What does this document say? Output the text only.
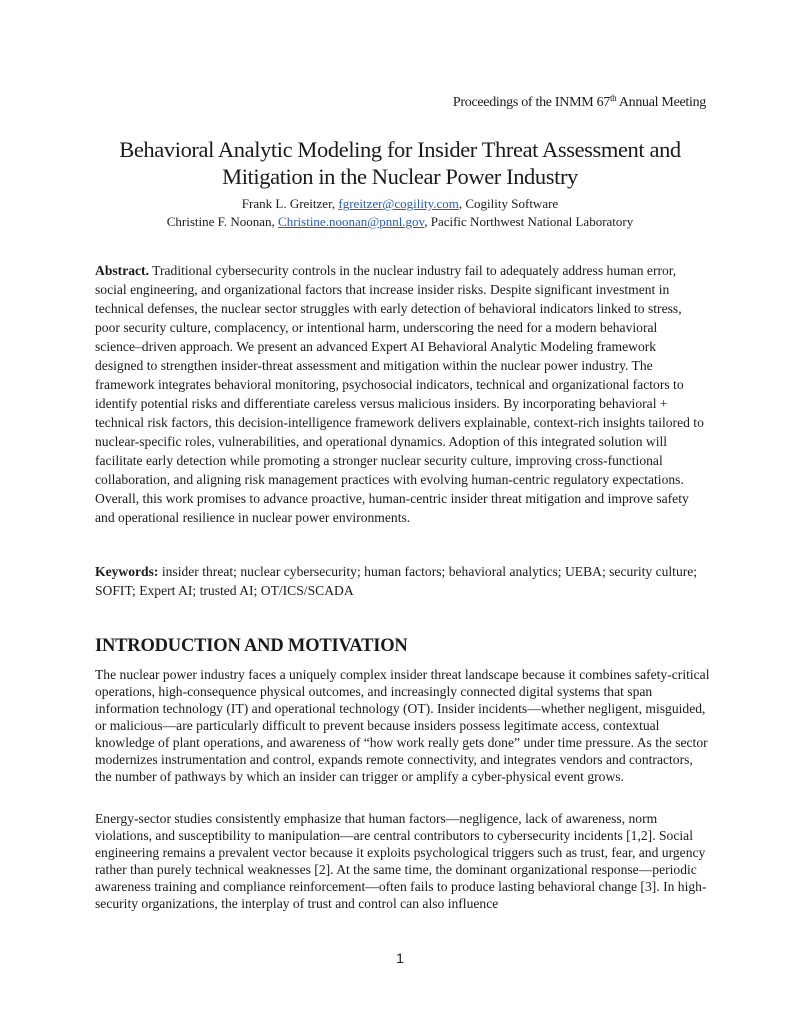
Proceedings of the INMM 67th Annual Meeting
Behavioral Analytic Modeling for Insider Threat Assessment and
Mitigation in the Nuclear Power Industry
Frank L. Greitzer, fgreitzer@cogility.com, Cogility Software
Christine F. Noonan, Christine.noonan@pnnl.gov, Pacific Northwest National Laboratory

Abstract. Traditional cybersecurity controls in the nuclear industry fail to adequately address human error, social engineering, and organizational factors that increase insider risks. Despite significant investment in technical defenses, the nuclear sector struggles with early detection of behavioral indicators linked to stress, poor security culture, complacency, or intentional harm, underscoring the need for a modern behavioral science–driven approach. We present an advanced Expert AI Behavioral Analytic Modeling framework designed to strengthen insider-threat assessment and mitigation within the nuclear power industry. The framework integrates behavioral monitoring, psychosocial indicators, technical and organizational factors to identify potential risks and differentiate careless versus malicious insiders. By incorporating behavioral + technical risk factors, this decision-intelligence framework delivers explainable, context-rich insights tailored to nuclear-specific roles, vulnerabilities, and operational dynamics. Adoption of this integrated solution will facilitate early detection while promoting a stronger nuclear security culture, improving cross-functional collaboration, and aligning risk management practices with evolving human-centric regulatory expectations. Overall, this work promises to advance proactive, human-centric insider threat mitigation and improve safety and operational resilience in nuclear power environments.

Keywords: insider threat; nuclear cybersecurity; human factors; behavioral analytics; UEBA; security culture; SOFIT; Expert AI; trusted AI; OT/ICS/SCADA

INTRODUCTION AND MOTIVATION

The nuclear power industry faces a uniquely complex insider threat landscape because it combines safety-critical operations, high-consequence physical outcomes, and increasingly connected digital systems that span information technology (IT) and operational technology (OT). Insider incidents—whether negligent, misguided, or malicious—are particularly difficult to prevent because insiders possess legitimate access, contextual knowledge of plant operations, and awareness of “how work really gets done” under time pressure. As the sector modernizes instrumentation and control, expands remote connectivity, and integrates vendors and contractors, the number of pathways by which an insider can trigger or amplify a cyber-physical event grows.

Energy-sector studies consistently emphasize that human factors—negligence, lack of awareness, norm violations, and susceptibility to manipulation—are central contributors to cybersecurity incidents [1,2]. Social engineering remains a prevalent vector because it exploits psychological triggers such as trust, fear, and urgency rather than purely technical weaknesses [2]. At the same time, the dominant organizational response—periodic awareness training and compliance reinforcement—often fails to produce lasting behavioral change [3]. In high-security organizations, the interplay of trust and control can also influence

1
